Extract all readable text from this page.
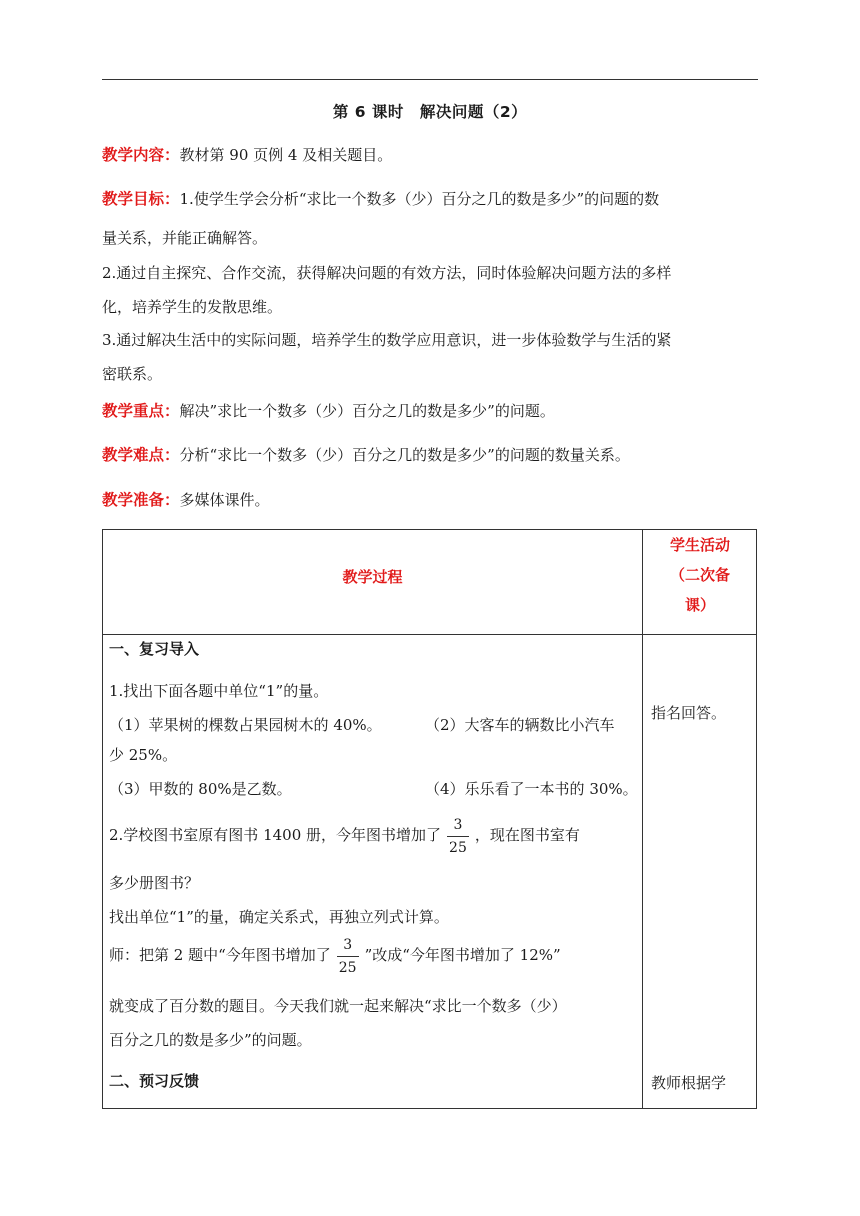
第 6 课时　解决问题（2）
教学内容：教材第 90 页例 4 及相关题目。
教学目标：1.使学生学会分析“求比一个数多（少）百分之几的数是多少”的问题的数
量关系，并能正确解答。
2.通过自主探究、合作交流，获得解决问题的有效方法，同时体验解决问题方法的多样
化，培养学生的发散思维。
3.通过解决生活中的实际问题，培养学生的数学应用意识，进一步体验数学与生活的紧
密联系。
教学重点：解决”求比一个数多（少）百分之几的数是多少”的问题。
教学难点：分析“求比一个数多（少）百分之几的数是多少”的问题的数量关系。
教学准备：多媒体课件。
教学过程
学生活动
（二次备
课）
一、复习导入
1.找出下面各题中单位“1”的量。
（1）苹果树的棵数占果园树木的 40%。	（2）大客车的辆数比小汽车
少 25%。
（3）甲数的 80%是乙数。	（4）乐乐看了一本书的 30%。
2.学校图书室原有图书 1400 册，今年图书增加了 $\frac{3}{25}$ ，现在图书室有
多少册图书？
找出单位“1”的量，确定关系式，再独立列式计算。
师：把第 2 题中“今年图书增加了 $\frac{3}{25}$ ”改成“今年图书增加了 12%”
就变成了百分数的题目。今天我们就一起来解决“求比一个数多（少）
百分之几的数是多少”的问题。
二、预习反馈
指名回答。
教师根据学
